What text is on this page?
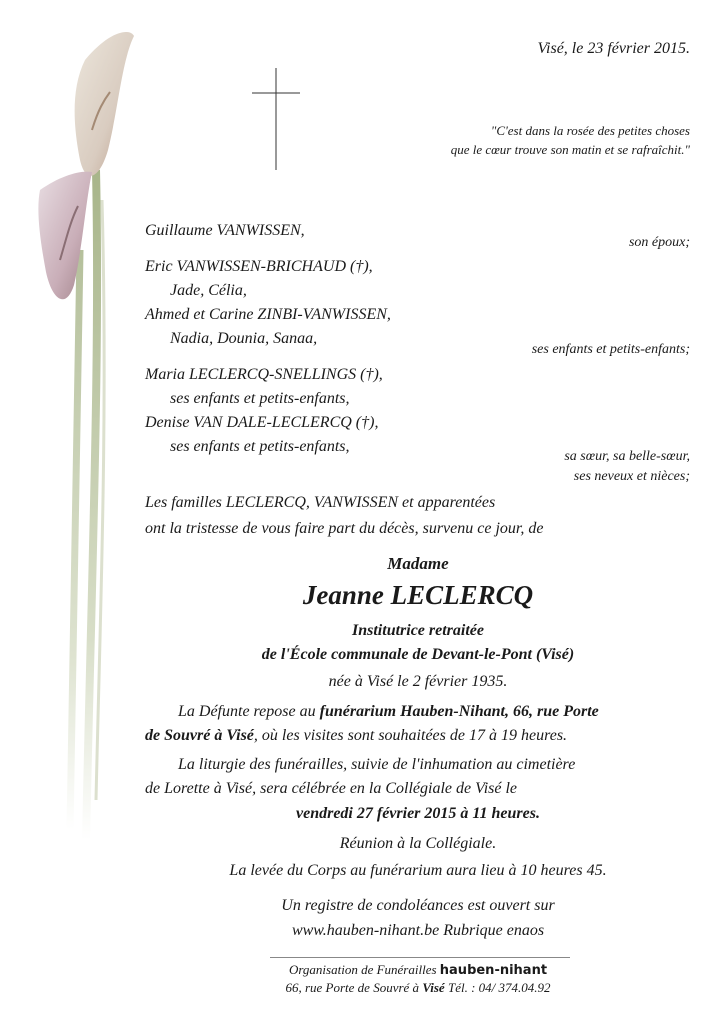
Visé, le 23 février 2015.
"C'est dans la rosée des petites choses
que le cœur trouve son matin et se rafraîchit."
Guillaume VANWISSEN,
son époux;
Eric VANWISSEN-BRICHAUD (†),
Jade, Célia,
Ahmed et Carine ZINBI-VANWISSEN,
Nadia, Dounia, Sanaa,
ses enfants et petits-enfants;
Maria LECLERCQ-SNELLINGS (†),
ses enfants et petits-enfants,
Denise VAN DALE-LECLERCQ (†),
ses enfants et petits-enfants,
sa sœur, sa belle-sœur,
ses neveux et nièces;
Les familles LECLERCQ, VANWISSEN et apparentées
ont la tristesse de vous faire part du décès, survenu ce jour, de
Madame
Jeanne LECLERCQ
Institutrice retraitée
de l'École communale de Devant-le-Pont (Visé)
née à Visé le 2 février 1935.
La Défunte repose au funérarium Hauben-Nihant, 66, rue Porte
de Souvré à Visé, où les visites sont souhaitées de 17 à 19 heures.
La liturgie des funérailles, suivie de l'inhumation au cimetière
de Lorette à Visé, sera célébrée en la Collégiale de Visé le
vendredi 27 février 2015 à 11 heures.
Réunion à la Collégiale.
La levée du Corps au funérarium aura lieu à 10 heures 45.
Un registre de condoléances est ouvert sur
www.hauben-nihant.be Rubrique enaos
Organisation de Funérailles hauben-nihant
66, rue Porte de Souvré à Visé Tél. : 04/ 374.04.92
